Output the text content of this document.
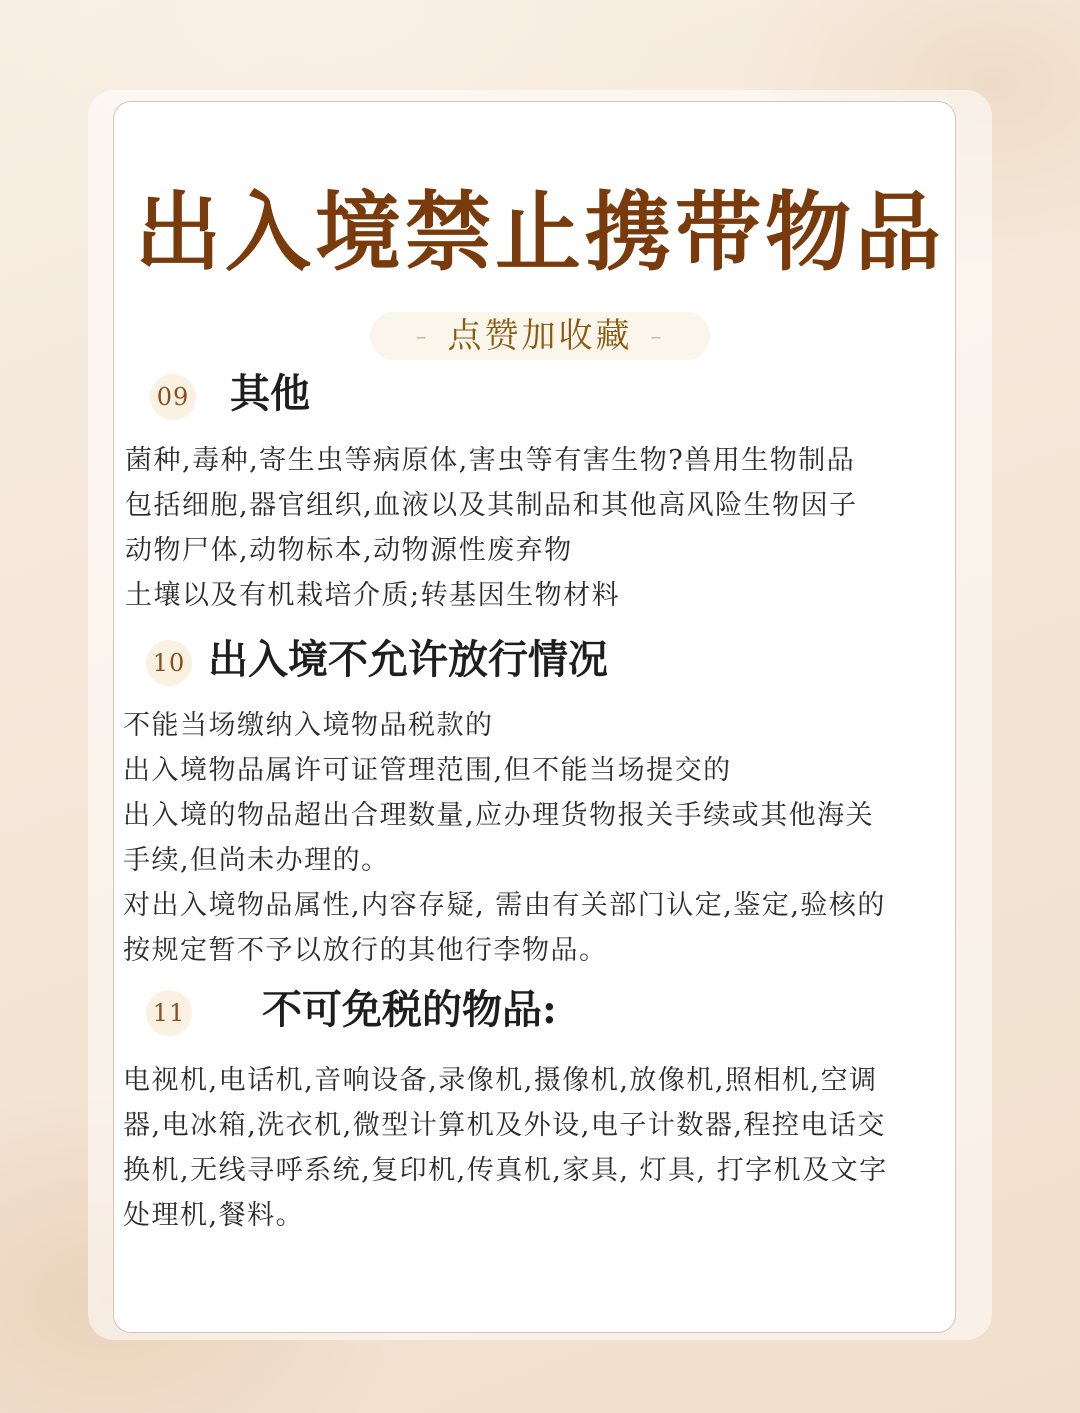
出入境禁止携带物品
– 点赞加收藏 –
09 其他
菌种,毒种,寄生虫等病原体,害虫等有害生物?兽用生物制品
包括细胞,器官组织,血液以及其制品和其他高风险生物因子
动物尸体,动物标本,动物源性废弃物
土壤以及有机栽培介质;转基因生物材料
10 出入境不允许放行情况
不能当场缴纳入境物品税款的
出入境物品属许可证管理范围,但不能当场提交的
出入境的物品超出合理数量,应办理货物报关手续或其他海关
手续,但尚未办理的。
对出入境物品属性,内容存疑, 需由有关部门认定,鉴定,验核的
按规定暂不予以放行的其他行李物品。
11 不可免税的物品:
电视机,电话机,音响设备,录像机,摄像机,放像机,照相机,空调
器,电冰箱,洗衣机,微型计算机及外设,电子计数器,程控电话交
换机,无线寻呼系统,复印机,传真机,家具, 灯具, 打字机及文字
处理机,餐料。
